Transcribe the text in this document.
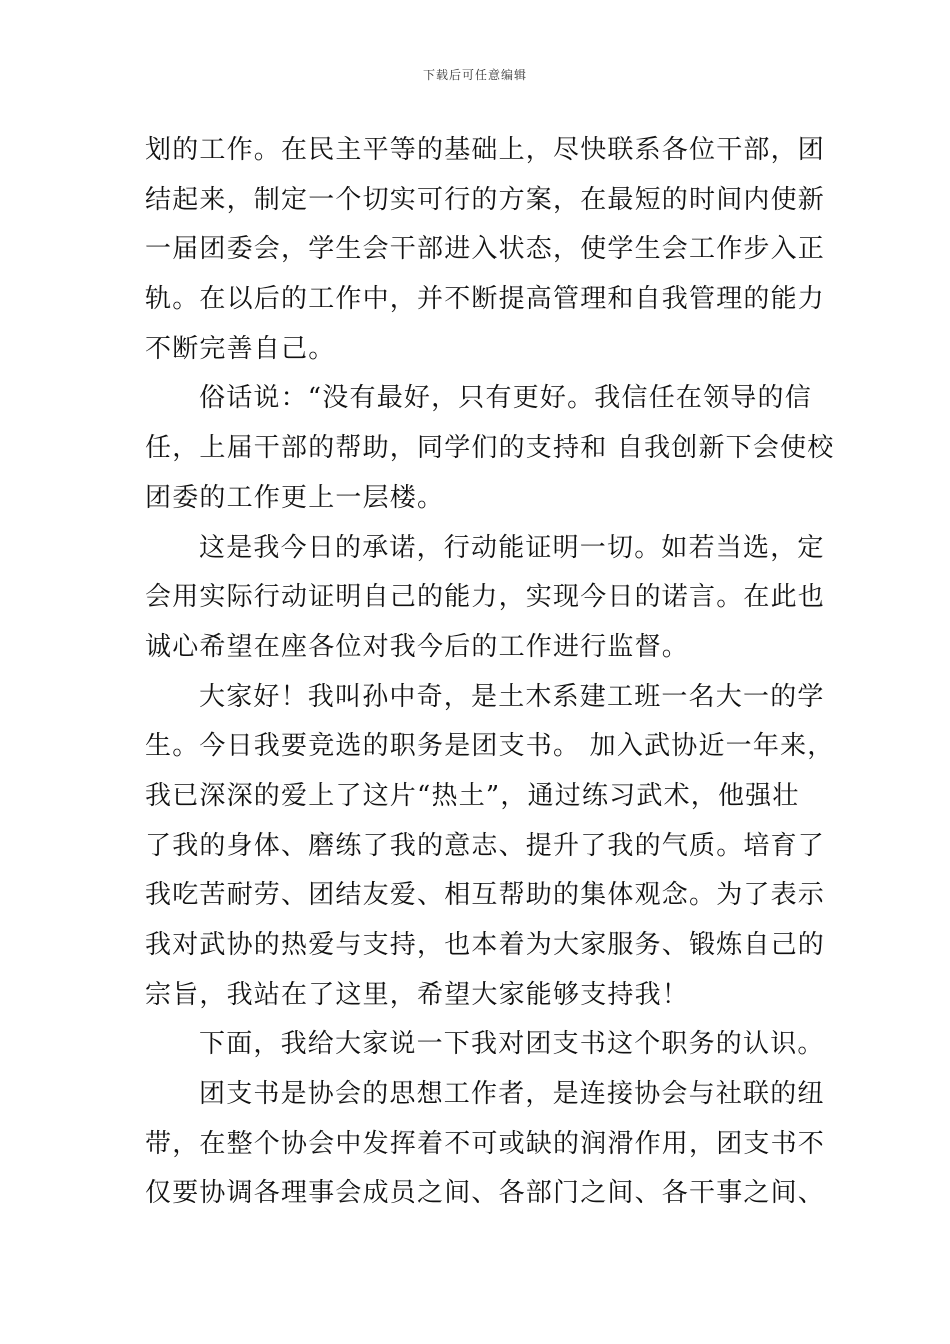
下载后可任意编辑
划的工作。在民主平等的基础上，尽快联系各位干部，团
结起来，制定一个切实可行的方案，在最短的时间内使新
一届团委会，学生会干部进入状态，使学生会工作步入正
轨。在以后的工作中，并不断提高管理和自我管理的能力
不断完善自己。
俗话说：“没有最好，只有更好。我信任在领导的信
任，上届干部的帮助，同学们的支持和 自我创新下会使校
团委的工作更上一层楼。
这是我今日的承诺，行动能证明一切。如若当选，定
会用实际行动证明自己的能力，实现今日的诺言。在此也
诚心希望在座各位对我今后的工作进行监督。
大家好！我叫孙中奇，是土木系建工班一名大一的学
生。今日我要竞选的职务是团支书。 加入武协近一年来，
我已深深的爱上了这片“热土”，通过练习武术，他强壮
了我的身体、磨练了我的意志、提升了我的气质。培育了
我吃苦耐劳、团结友爱、相互帮助的集体观念。为了表示
我对武协的热爱与支持，也本着为大家服务、锻炼自己的
宗旨，我站在了这里，希望大家能够支持我！
下面，我给大家说一下我对团支书这个职务的认识。
团支书是协会的思想工作者，是连接协会与社联的纽
带，在整个协会中发挥着不可或缺的润滑作用，团支书不
仅要协调各理事会成员之间、各部门之间、各干事之间、
